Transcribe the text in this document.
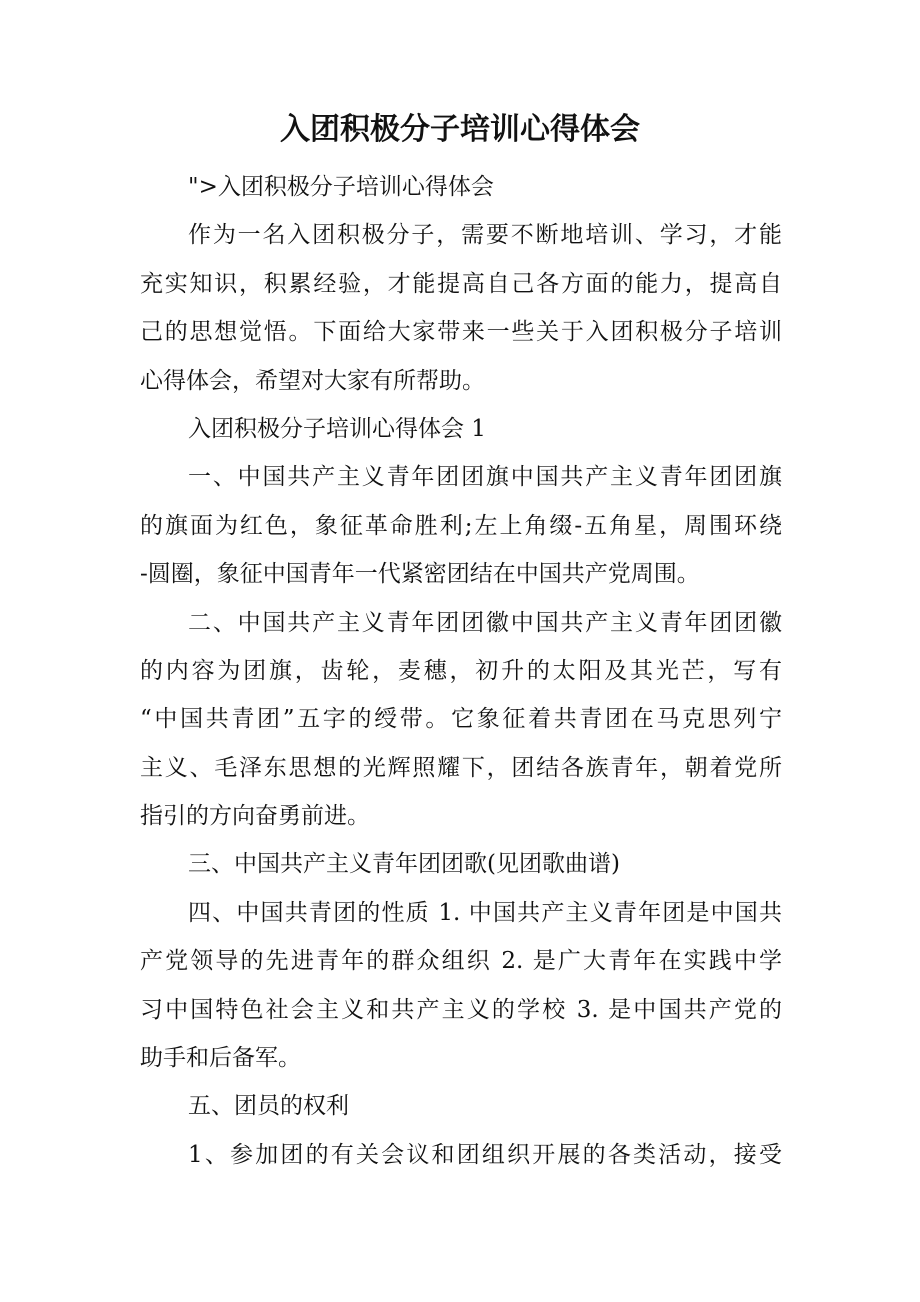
入团积极分子培训心得体会
">入团积极分子培训心得体会
作为一名入团积极分子，需要不断地培训、学习，才能
充实知识，积累经验，才能提高自己各方面的能力，提高自
己的思想觉悟。下面给大家带来一些关于入团积极分子培训
心得体会，希望对大家有所帮助。
入团积极分子培训心得体会 1
一、中国共产主义青年团团旗中国共产主义青年团团旗
的旗面为红色，象征革命胜利;左上角缀-五角星，周围环绕
-圆圈，象征中国青年一代紧密团结在中国共产党周围。
二、中国共产主义青年团团徽中国共产主义青年团团徽
的内容为团旗，齿轮，麦穗，初升的太阳及其光芒，写有
“中国共青团”五字的绶带。它象征着共青团在马克思列宁
主义、毛泽东思想的光辉照耀下，团结各族青年，朝着党所
指引的方向奋勇前进。
三、中国共产主义青年团团歌(见团歌曲谱)
四、中国共青团的性质 1. 中国共产主义青年团是中国共
产党领导的先进青年的群众组织 2. 是广大青年在实践中学
习中国特色社会主义和共产主义的学校 3. 是中国共产党的
助手和后备军。
五、团员的权利
1、参加团的有关会议和团组织开展的各类活动，接受
